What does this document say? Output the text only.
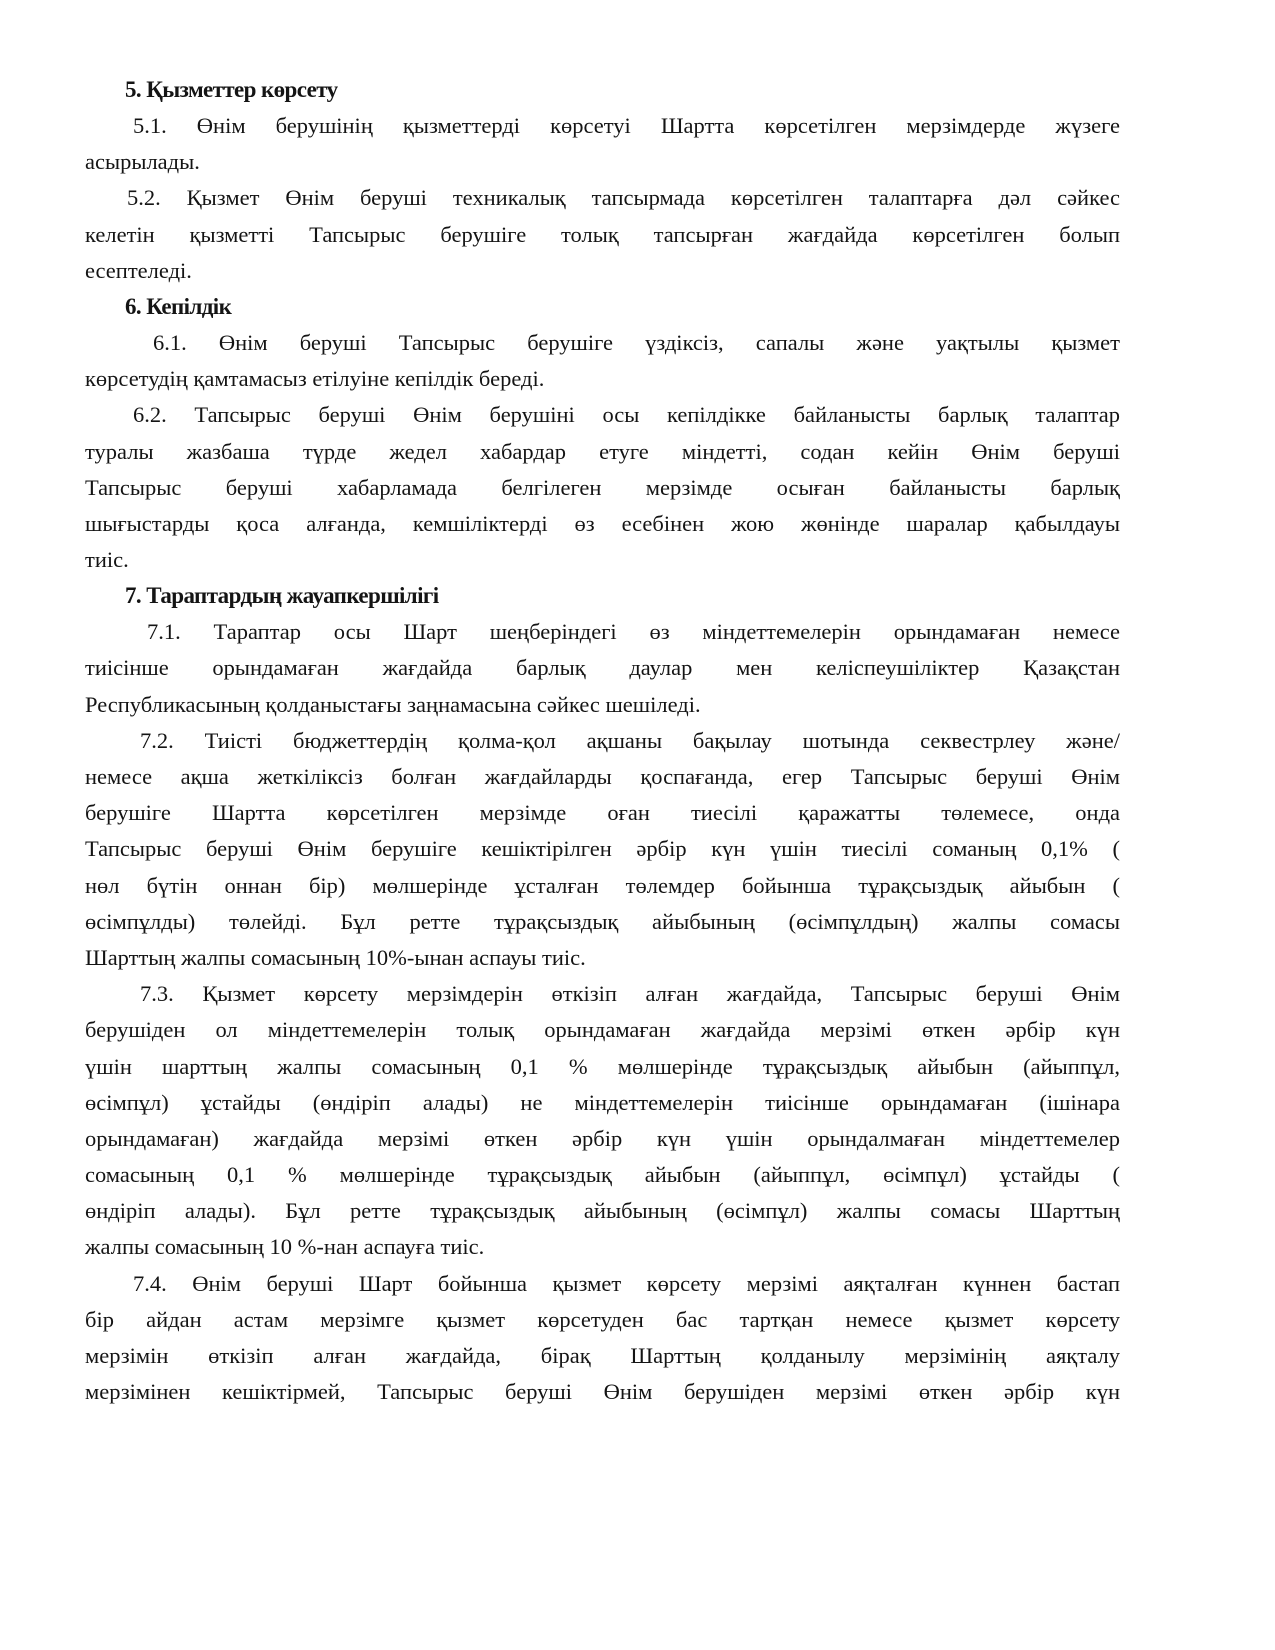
5. Қызметтер көрсету
5.1. Өнім берушінің қызметтерді көрсетуі Шартта көрсетілген мерзімдерде жүзеге
асырылады.
5.2. Қызмет Өнім беруші техникалық тапсырмада көрсетілген талаптарға дәл сәйкес
келетін қызметті Тапсырыс берушіге толық тапсырған жағдайда көрсетілген болып
есептеледі.
6. Кепілдік
6.1. Өнім беруші Тапсырыс берушіге үздіксіз, сапалы және уақтылы қызмет
көрсетудің қамтамасыз етілуіне кепілдік береді.
6.2. Тапсырыс беруші Өнім берушіні осы кепілдікке байланысты барлық талаптар
туралы жазбаша түрде жедел хабардар етуге міндетті, содан кейін Өнім беруші
Тапсырыс беруші хабарламада белгілеген мерзімде осыған байланысты барлық
шығыстарды қоса алғанда, кемшіліктерді өз есебінен жою жөнінде шаралар қабылдауы
тиіс.
7. Тараптардың жауапкершілігі
7.1. Тараптар осы Шарт шеңберіндегі өз міндеттемелерін орындамаған немесе
тиісінше орындамаған жағдайда барлық даулар мен келіспеушіліктер Қазақстан
Республикасының қолданыстағы заңнамасына сәйкес шешіледі.
7.2. Тиісті бюджеттердің қолма-қол ақшаны бақылау шотында секвестрлеу және/
немесе ақша жеткіліксіз болған жағдайларды қоспағанда, егер Тапсырыс беруші Өнім
берушіге Шартта көрсетілген мерзімде оған тиесілі қаражатты төлемесе, онда
Тапсырыс беруші Өнім берушіге кешіктірілген әрбір күн үшін тиесілі соманың 0,1% (
нөл бүтін оннан бір) мөлшерінде ұсталған төлемдер бойынша тұрақсыздық айыбын (
өсімпұлды) төлейді. Бұл ретте тұрақсыздық айыбының (өсімпұлдың) жалпы сомасы
Шарттың жалпы сомасының 10%-ынан аспауы тиіс.
7.3. Қызмет көрсету мерзімдерін өткізіп алған жағдайда, Тапсырыс беруші Өнім
берушіден ол міндеттемелерін толық орындамаған жағдайда мерзімі өткен әрбір күн
үшін шарттың жалпы сомасының 0,1 % мөлшерінде тұрақсыздық айыбын (айыппұл,
өсімпұл) ұстайды (өндіріп алады) не міндеттемелерін тиісінше орындамаған (ішінара
орындамаған) жағдайда мерзімі өткен әрбір күн үшін орындалмаған міндеттемелер
сомасының 0,1 % мөлшерінде тұрақсыздық айыбын (айыппұл, өсімпұл) ұстайды (
өндіріп алады). Бұл ретте тұрақсыздық айыбының (өсімпұл) жалпы сомасы Шарттың
жалпы сомасының 10 %-нан аспауға тиіс.
7.4. Өнім беруші Шарт бойынша қызмет көрсету мерзімі аяқталған күннен бастап
бір айдан астам мерзімге қызмет көрсетуден бас тартқан немесе қызмет көрсету
мерзімін өткізіп алған жағдайда, бірақ Шарттың қолданылу мерзімінің аяқталу
мерзімінен кешіктірмей, Тапсырыс беруші Өнім берушіден мерзімі өткен әрбір күн
